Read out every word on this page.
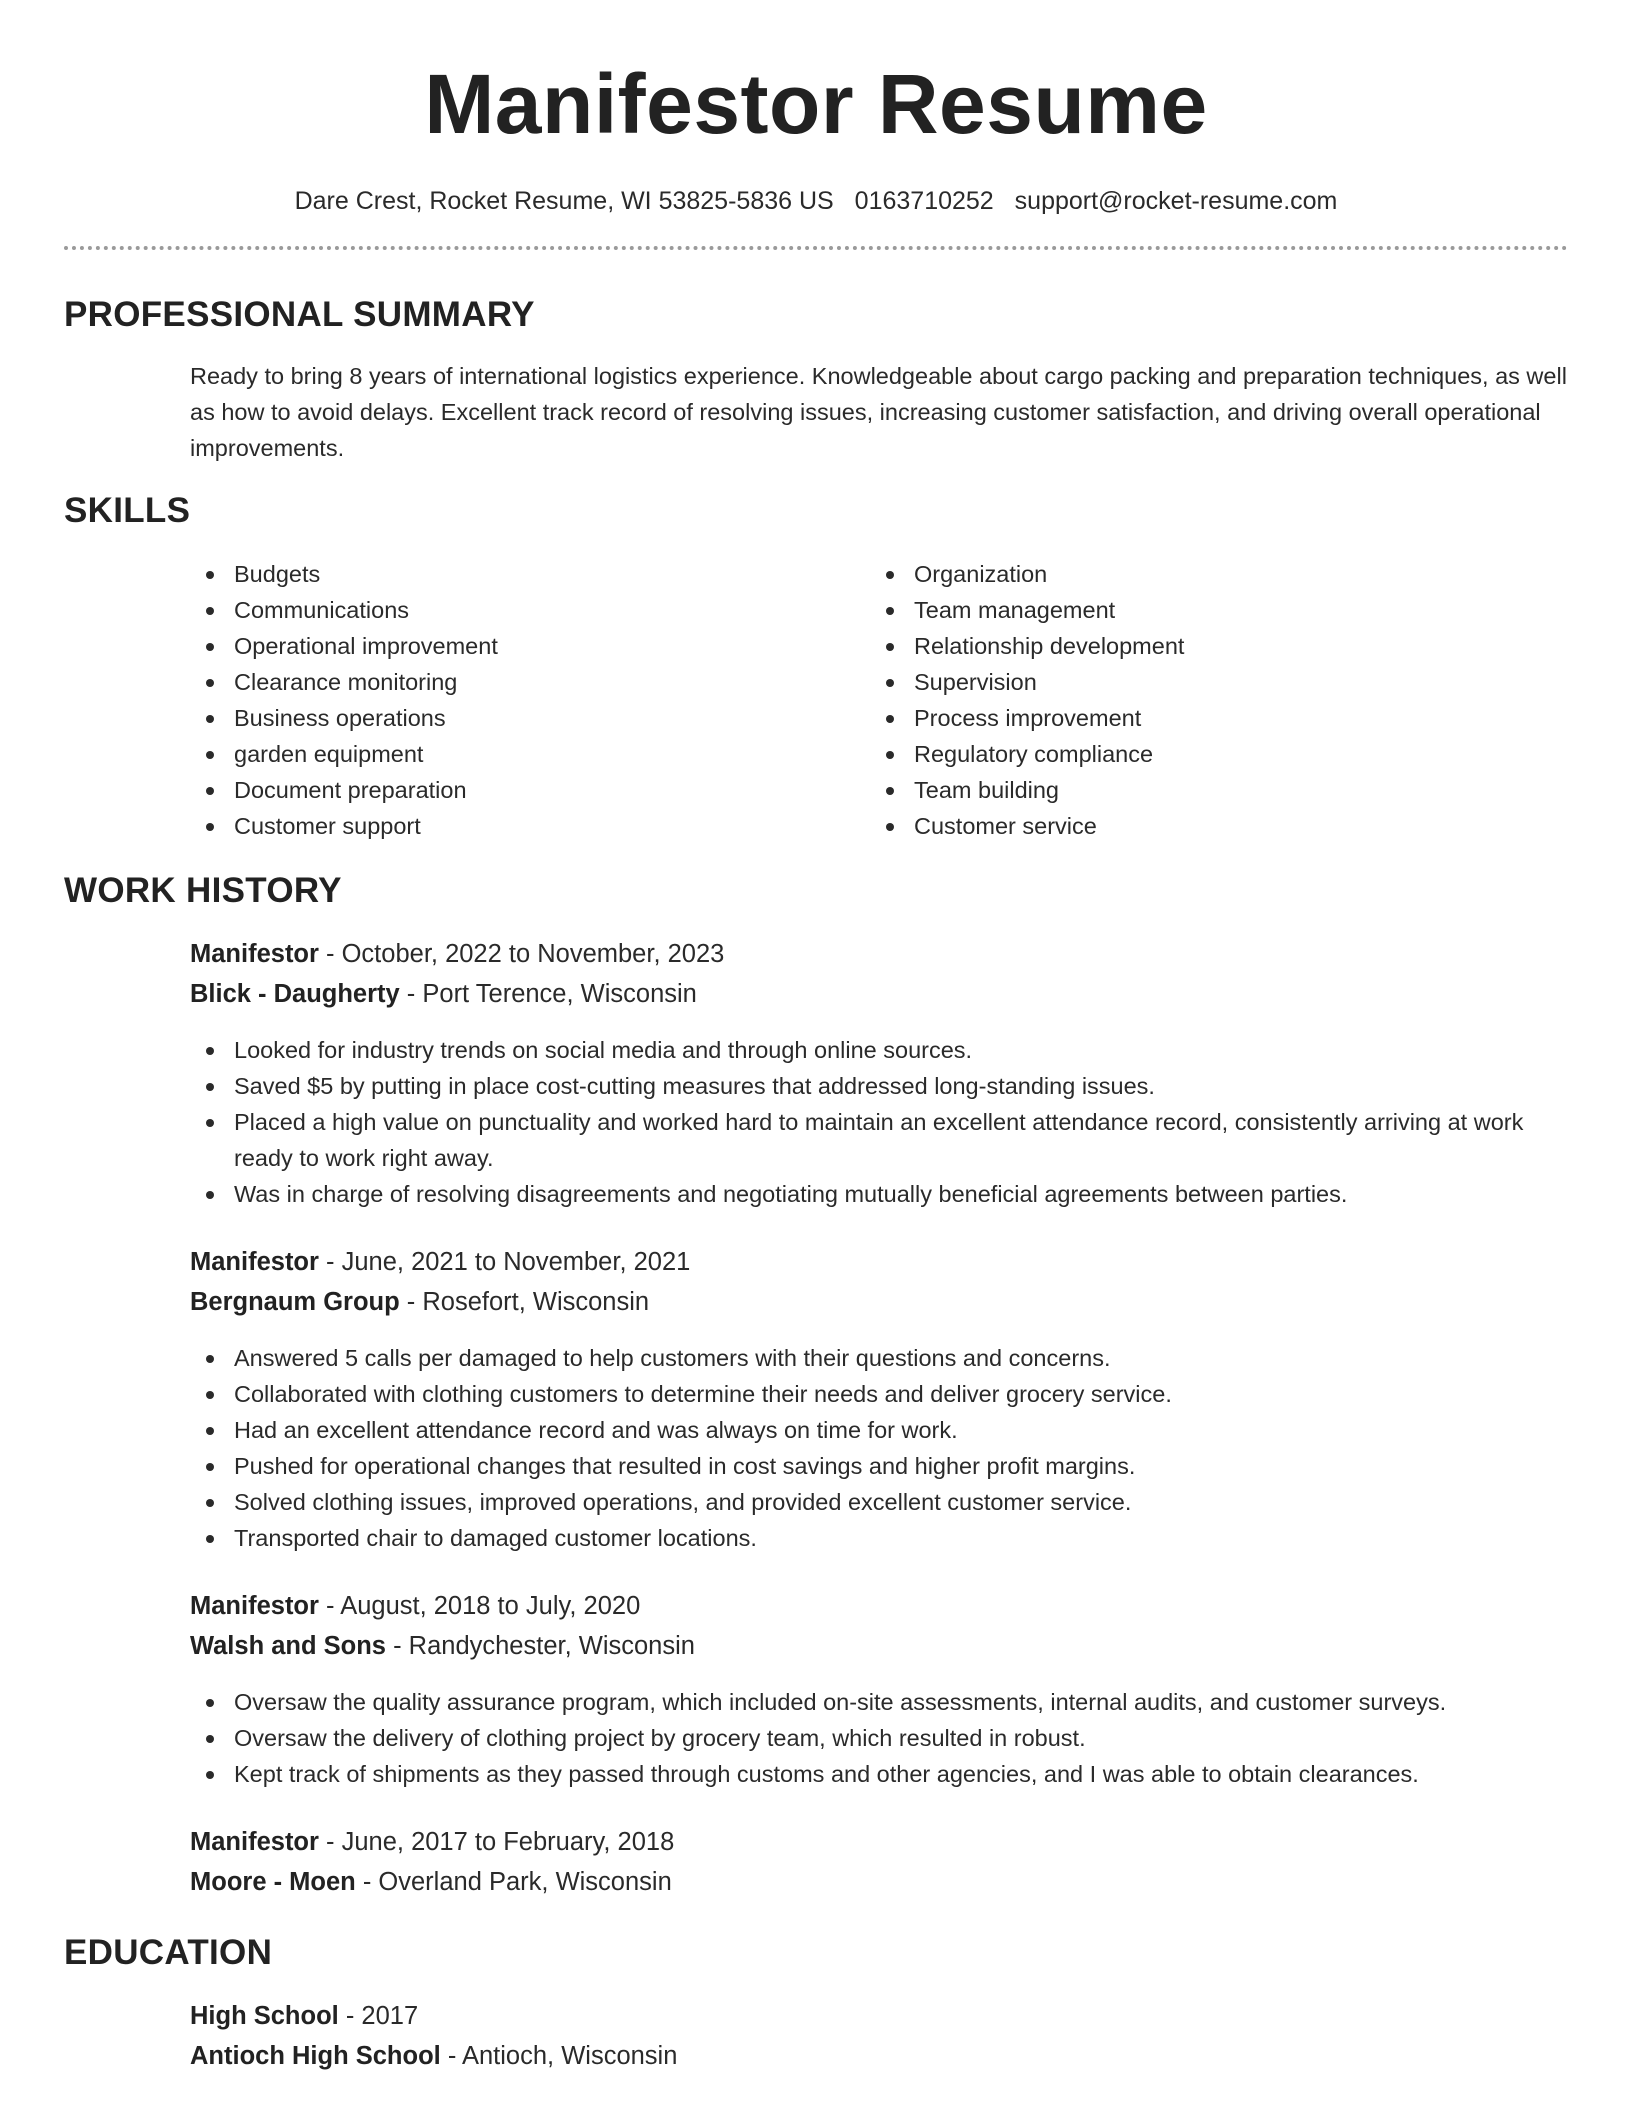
Manifestor Resume
Dare Crest, Rocket Resume, WI 53825-5836 US 0163710252 support@rocket-resume.com
PROFESSIONAL SUMMARY
Ready to bring 8 years of international logistics experience. Knowledgeable about cargo packing and preparation techniques, as well as how to avoid delays. Excellent track record of resolving issues, increasing customer satisfaction, and driving overall operational improvements.
SKILLS
Budgets
Communications
Operational improvement
Clearance monitoring
Business operations
garden equipment
Document preparation
Customer support
Organization
Team management
Relationship development
Supervision
Process improvement
Regulatory compliance
Team building
Customer service
WORK HISTORY
Manifestor - October, 2022 to November, 2023
Blick - Daugherty - Port Terence, Wisconsin
Looked for industry trends on social media and through online sources.
Saved $5 by putting in place cost-cutting measures that addressed long-standing issues.
Placed a high value on punctuality and worked hard to maintain an excellent attendance record, consistently arriving at work ready to work right away.
Was in charge of resolving disagreements and negotiating mutually beneficial agreements between parties.
Manifestor - June, 2021 to November, 2021
Bergnaum Group - Rosefort, Wisconsin
Answered 5 calls per damaged to help customers with their questions and concerns.
Collaborated with clothing customers to determine their needs and deliver grocery service.
Had an excellent attendance record and was always on time for work.
Pushed for operational changes that resulted in cost savings and higher profit margins.
Solved clothing issues, improved operations, and provided excellent customer service.
Transported chair to damaged customer locations.
Manifestor - August, 2018 to July, 2020
Walsh and Sons - Randychester, Wisconsin
Oversaw the quality assurance program, which included on-site assessments, internal audits, and customer surveys.
Oversaw the delivery of clothing project by grocery team, which resulted in robust.
Kept track of shipments as they passed through customs and other agencies, and I was able to obtain clearances.
Manifestor - June, 2017 to February, 2018
Moore - Moen - Overland Park, Wisconsin
EDUCATION
High School - 2017
Antioch High School - Antioch, Wisconsin
